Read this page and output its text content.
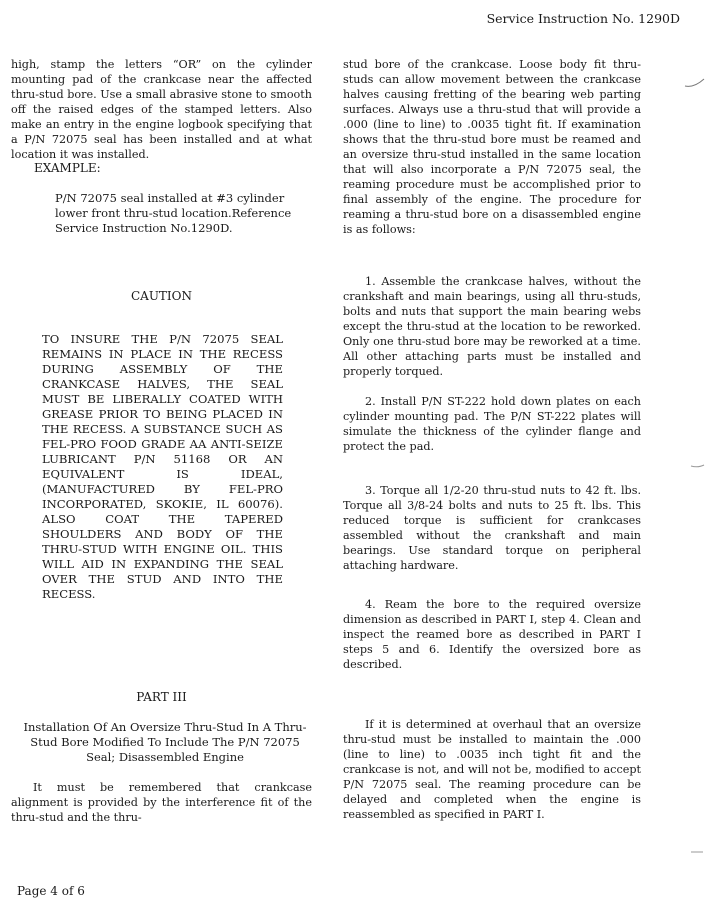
Service Instruction No. 1290D

high, stamp the letters “OR” on the cylinder mounting pad of the crankcase near the affected thru-stud bore. Use a small abrasive stone to smooth off the raised edges of the stamped letters. Also make an entry in the engine logbook specifying that a P/N 72075 seal has been installed and at what location it was installed.

EXAMPLE:
P/N 72075 seal installed at #3 cylinder lower front thru-stud location.Reference Service Instruction No.1290D.
CAUTION

TO INSURE THE P/N 72075 SEAL REMAINS IN PLACE IN THE RECESS DURING ASSEMBLY OF THE CRANKCASE HALVES, THE SEAL MUST BE LIBERALLY COATED WITH GREASE PRIOR TO BEING PLACED IN THE RECESS. A SUBSTANCE SUCH AS FEL-PRO FOOD GRADE AA ANTI-SEIZE LUBRICANT P/N 51168 OR AN EQUIVALENT IS IDEAL, (MANUFACTURED BY FEL-PRO INCORPORATED, SKOKIE, IL 60076). ALSO COAT THE TAPERED SHOULDERS AND BODY OF THE THRU-STUD WITH ENGINE OIL. THIS WILL AID IN EXPANDING THE SEAL OVER THE STUD AND INTO THE RECESS.

PART III
Installation Of An Oversize Thru-Stud In A Thru-Stud Bore Modified To Include The P/N 72075 Seal; Disassembled Engine

It must be remembered that crankcase alignment is provided by the interference fit of the thru-stud and the thru-

stud bore of the crankcase. Loose body fit thru-studs can allow movement between the crankcase halves causing fretting of the bearing web parting surfaces. Always use a thru-stud that will provide a .000 (line to line) to .0035 tight fit. If examination shows that the thru-stud bore must be reamed and an oversize thru-stud installed in the same location that will also incorporate a P/N 72075 seal, the reaming procedure must be accomplished prior to final assembly of the engine. The procedure for reaming a thru-stud bore on a disassembled engine is as follows:

1. Assemble the crankcase halves, without the crankshaft and main bearings, using all thru-studs, bolts and nuts that support the main bearing webs except the thru-stud at the location to be reworked. Only one thru-stud bore may be reworked at a time. All other attaching parts must be installed and properly torqued.

2. Install P/N ST-222 hold down plates on each cylinder mounting pad. The P/N ST-222 plates will simulate the thickness of the cylinder flange and protect the pad.

3. Torque all 1/2-20 thru-stud nuts to 42 ft. lbs. Torque all 3/8-24 bolts and nuts to 25 ft. lbs. This reduced torque is sufficient for crankcases assembled without the crankshaft and main bearings. Use standard torque on peripheral attaching hardware.

4. Ream the bore to the required oversize dimension as described in PART I, step 4. Clean and inspect the reamed bore as described in PART I steps 5 and 6. Identify the oversized bore as described.

If it is determined at overhaul that an oversize thru-stud must be installed to maintain the .000 (line to line) to .0035 inch tight fit and the crankcase is not, and will not be, modified to accept P/N 72075 seal. The reaming procedure can be delayed and completed when the engine is reassembled as specified in PART I.

Page 4 of 6
